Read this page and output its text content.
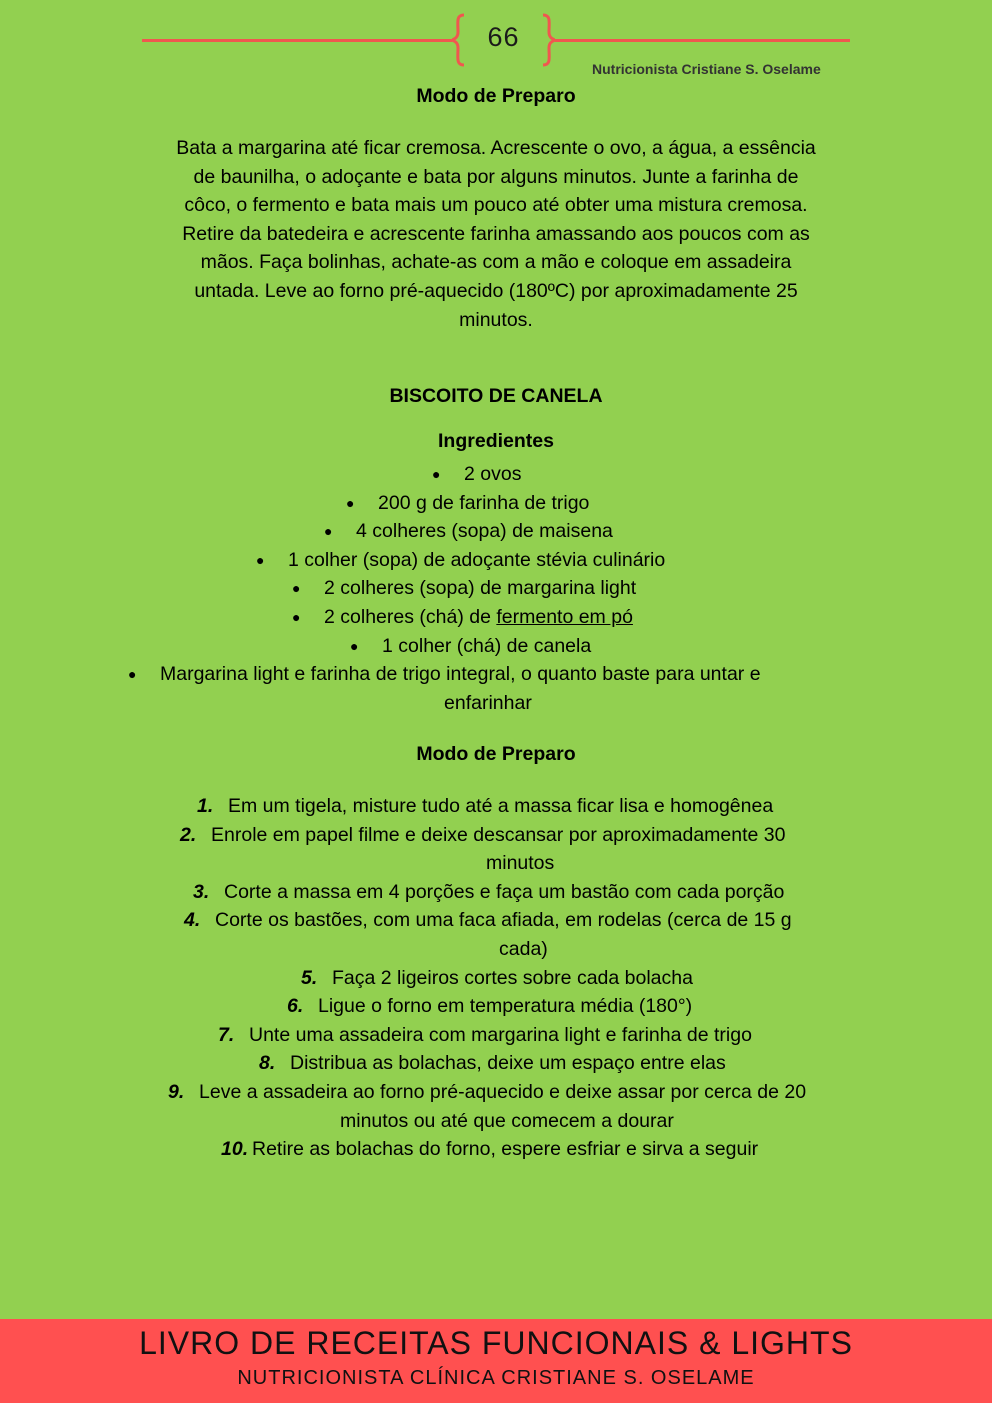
66
Nutricionista Cristiane S. Oselame
Modo de Preparo
Bata a margarina até ficar cremosa. Acrescente o ovo, a água, a essência
de baunilha, o adoçante e bata por alguns minutos. Junte a farinha de
côco, o fermento e bata mais um pouco até obter uma mistura cremosa.
Retire da batedeira e acrescente farinha amassando aos poucos com as
mãos. Faça bolinhas, achate-as com a mão e coloque em assadeira
untada. Leve ao forno pré-aquecido (180ºC) por aproximadamente 25
minutos.
BISCOITO DE CANELA
Ingredientes
● 2 ovos
● 200 g de farinha de trigo
● 4 colheres (sopa) de maisena
● 1 colher (sopa) de adoçante stévia culinário
● 2 colheres (sopa) de margarina light
● 2 colheres (chá) de fermento em pó
● 1 colher (chá) de canela
● Margarina light e farinha de trigo integral, o quanto baste para untar e
enfarinhar
Modo de Preparo
1. Em um tigela, misture tudo até a massa ficar lisa e homogênea
2. Enrole em papel filme e deixe descansar por aproximadamente 30
minutos
3. Corte a massa em 4 porções e faça um bastão com cada porção
4. Corte os bastões, com uma faca afiada, em rodelas (cerca de 15 g
cada)
5. Faça 2 ligeiros cortes sobre cada bolacha
6. Ligue o forno em temperatura média (180°)
7. Unte uma assadeira com margarina light e farinha de trigo
8. Distribua as bolachas, deixe um espaço entre elas
9. Leve a assadeira ao forno pré-aquecido e deixe assar por cerca de 20
minutos ou até que comecem a dourar
10. Retire as bolachas do forno, espere esfriar e sirva a seguir
LIVRO DE RECEITAS FUNCIONAIS & LIGHTS
NUTRICIONISTA CLÍNICA CRISTIANE S. OSELAME
